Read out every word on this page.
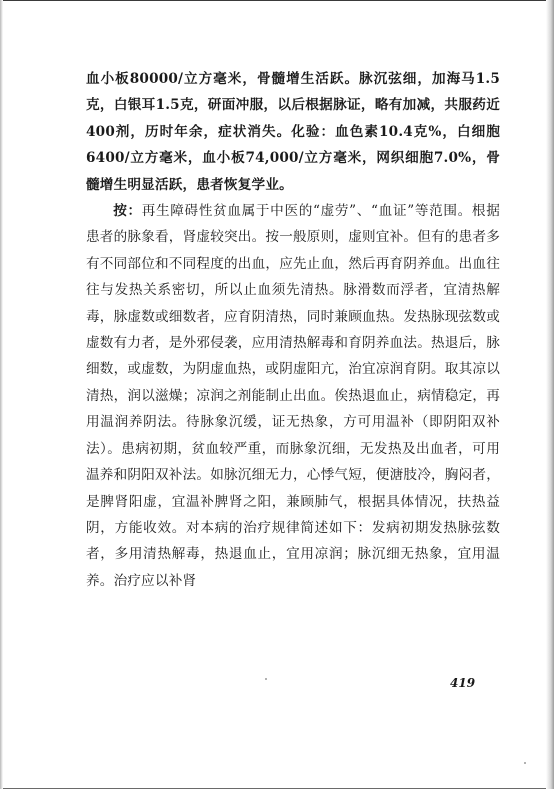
血小板80000/立方毫米，骨髓增生活跃。脉沉弦细，加海马1.5克，白银耳1.5克，研面冲服，以后根据脉证，略有加减，共服药近400剂，历时年余，症状消失。化验：血色素10.4克%，白细胞6400/立方毫米，血小板74,000/立方毫米，网织细胞7.0%，骨髓增生明显活跃，患者恢复学业。

按：再生障碍性贫血属于中医的“虚劳”、“血证”等范围。根据患者的脉象看，肾虚较突出。按一般原则，虚则宜补。但有的患者多有不同部位和不同程度的出血，应先止血，然后再育阴养血。出血往往与发热关系密切，所以止血须先清热。脉滑数而浮者，宜清热解毒，脉虚数或细数者，应育阴清热，同时兼顾血热。发热脉现弦数或虚数有力者，是外邪侵袭，应用清热解毒和育阴养血法。热退后，脉细数，或虚数，为阴虚血热，或阴虚阳亢，治宜凉润育阴。取其凉以清热，润以滋燥；凉润之剂能制止出血。俟热退血止，病情稳定，再用温润养阴法。待脉象沉缓，证无热象，方可用温补（即阴阳双补法）。患病初期，贫血较严重，而脉象沉细，无发热及出血者，可用温养和阴阳双补法。如脉沉细无力，心悸气短，便溏肢冷，胸闷者，是脾肾阳虚，宜温补脾肾之阳，兼顾肺气，根据具体情况，扶热益阴，方能收效。对本病的治疗规律简述如下：发病初期发热脉弦数者，多用清热解毒，热退血止，宜用凉润；脉沉细无热象，宜用温养。治疗应以补肾

419
